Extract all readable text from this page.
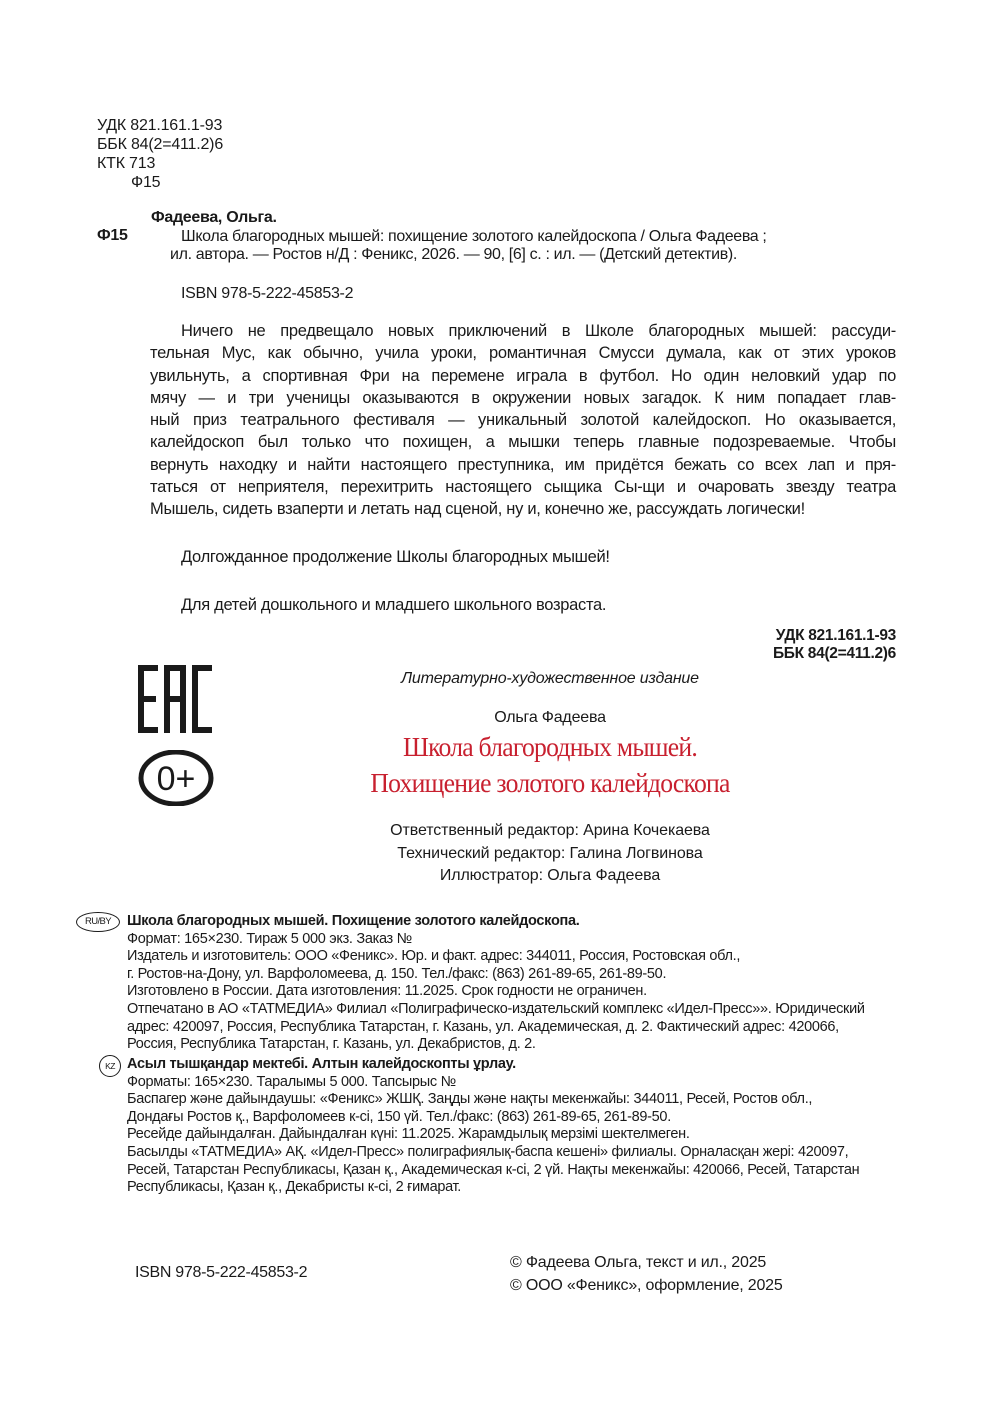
УДК 821.161.1-93
ББК 84(2=411.2)6
КТК 713
Ф15
Фадеева, Ольга.
Ф15	Школа благородных мышей: похищение золотого калейдоскопа / Ольга Фадеева ;
ил. автора. — Ростов н/Д : Феникс, 2026. — 90, [6] с. : ил. — (Детский детектив).
ISBN 978-5-222-45853-2
Ничего не предвещало новых приключений в Школе благородных мышей: рассуди-
тельная Мус, как обычно, учила уроки, романтичная Смусси думала, как от этих уроков
увильнуть, а спортивная Фри на перемене играла в футбол. Но один неловкий удар по
мячу — и три ученицы оказываются в окружении новых загадок. К ним попадает глав-
ный приз театрального фестиваля — уникальный золотой калейдоскоп. Но оказывается,
калейдоскоп был только что похищен, а мышки теперь главные подозреваемые. Чтобы
вернуть находку и найти настоящего преступника, им придётся бежать со всех лап и пря-
таться от неприятеля, перехитрить настоящего сыщика Сы-щи и очаровать звезду театра
Мышель, сидеть взаперти и летать над сценой, ну и, конечно же, рассуждать логически!
Долгожданное продолжение Школы благородных мышей!
Для детей дошкольного и младшего школьного возраста.
УДК 821.161.1-93
ББК 84(2=411.2)6
0+
Литературно-художественное издание
Ольга Фадеева
Школа благородных мышей.
Похищение золотого калейдоскопа
Ответственный редактор: Арина Кочекаева
Технический редактор: Галина Логвинова
Иллюстратор: Ольга Фадеева
RU/BY	Школа благородных мышей. Похищение золотого калейдоскопа.
Формат: 165×230. Тираж 5 000 экз. Заказ №
Издатель и изготовитель: ООО «Феникс». Юр. и факт. адрес: 344011, Россия, Ростовская обл.,
г. Ростов-на-Дону, ул. Варфоломеева, д. 150. Тел./факс: (863) 261-89-65, 261-89-50.
Изготовлено в России. Дата изготовления: 11.2025. Срок годности не ограничен.
Отпечатано в АО «ТАТМЕДИА» Филиал «Полиграфическо-издательский комплекс «Идел-Пресс»». Юридический
адрес: 420097, Россия, Республика Татарстан, г. Казань, ул. Академическая, д. 2. Фактический адрес: 420066,
Россия, Республика Татарстан, г. Казань, ул. Декабристов, д. 2.
KZ Асыл тышқандар мектебі. Алтын калейдоскопты ұрлау.
Форматы: 165×230. Таралымы 5 000. Тапсырыс №
Баспагер және дайындаушы: «Феникс» ЖШҚ. Заңды және нақты мекенжайы: 344011, Ресей, Ростов обл.,
Дондағы Ростов қ., Варфоломеев к-сі, 150 үй. Тел./факс: (863) 261-89-65, 261-89-50.
Ресейде дайындалған. Дайындалған күні: 11.2025. Жарамдылық мерзімі шектелмеген.
Басылды «ТАТМЕДИА» АҚ. «Идел-Пресс» полиграфиялық-баспа кешені» филиалы. Орналасқан жері: 420097,
Ресей, Татарстан Республикасы, Қазан қ., Академическая к-сі, 2 үй. Нақты мекенжайы: 420066, Ресей, Татарстан
Республикасы, Қазан қ., Декабристы к-сі, 2 ғимарат.
ISBN 978-5-222-45853-2
© Фадеева Ольга, текст и ил., 2025
© ООО «Феникс», оформление, 2025
